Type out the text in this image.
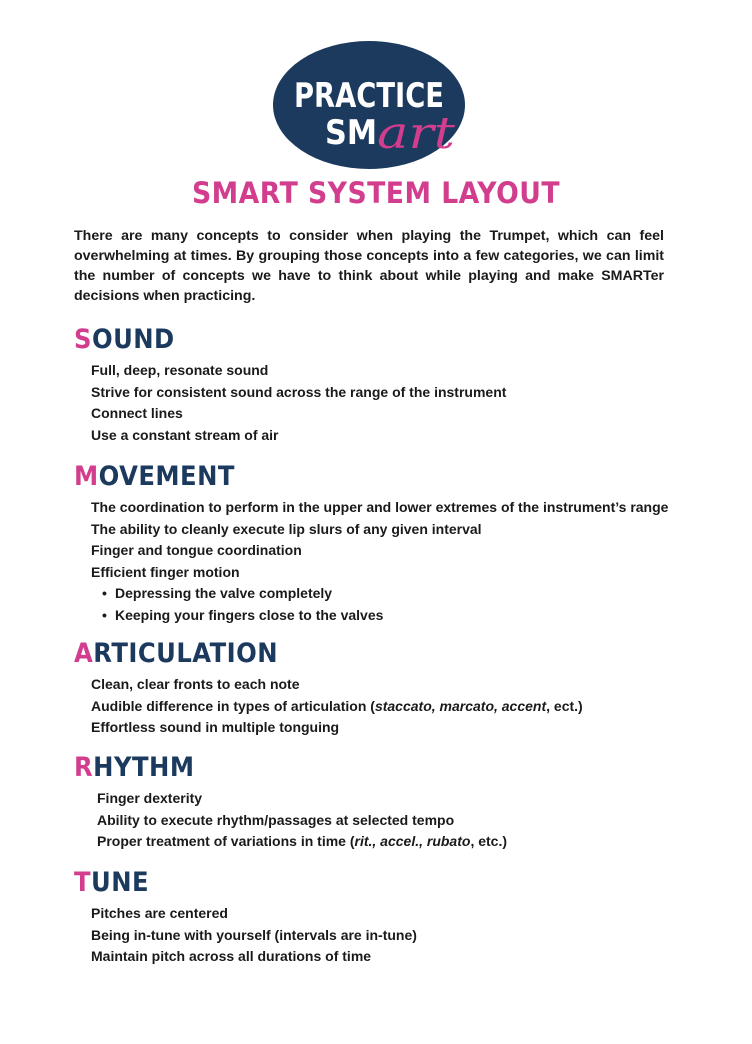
PRACTICE
SM art
SMART SYSTEM LAYOUT

There are many concepts to consider when playing the Trumpet, which can feel overwhelming at times. By grouping those concepts into a few categories, we can limit the number of concepts we have to think about while playing and make SMARTer decisions when practicing.

SOUND
Full, deep, resonate sound
Strive for consistent sound across the range of the instrument
Connect lines
Use a constant stream of air
MOVEMENT
The coordination to perform in the upper and lower extremes of the instrument’s range
The ability to cleanly execute lip slurs of any given interval
Finger and tongue coordination
Efficient finger motion
• Depressing the valve completely
• Keeping your fingers close to the valves
ARTICULATION
Clean, clear fronts to each note
Audible difference in types of articulation (staccato, marcato, accent, ect.)
Effortless sound in multiple tonguing
RHYTHM
Finger dexterity
Ability to execute rhythm/passages at selected tempo
Proper treatment of variations in time (rit., accel., rubato, etc.)
TUNE
Pitches are centered
Being in-tune with yourself (intervals are in-tune)
Maintain pitch across all durations of time
